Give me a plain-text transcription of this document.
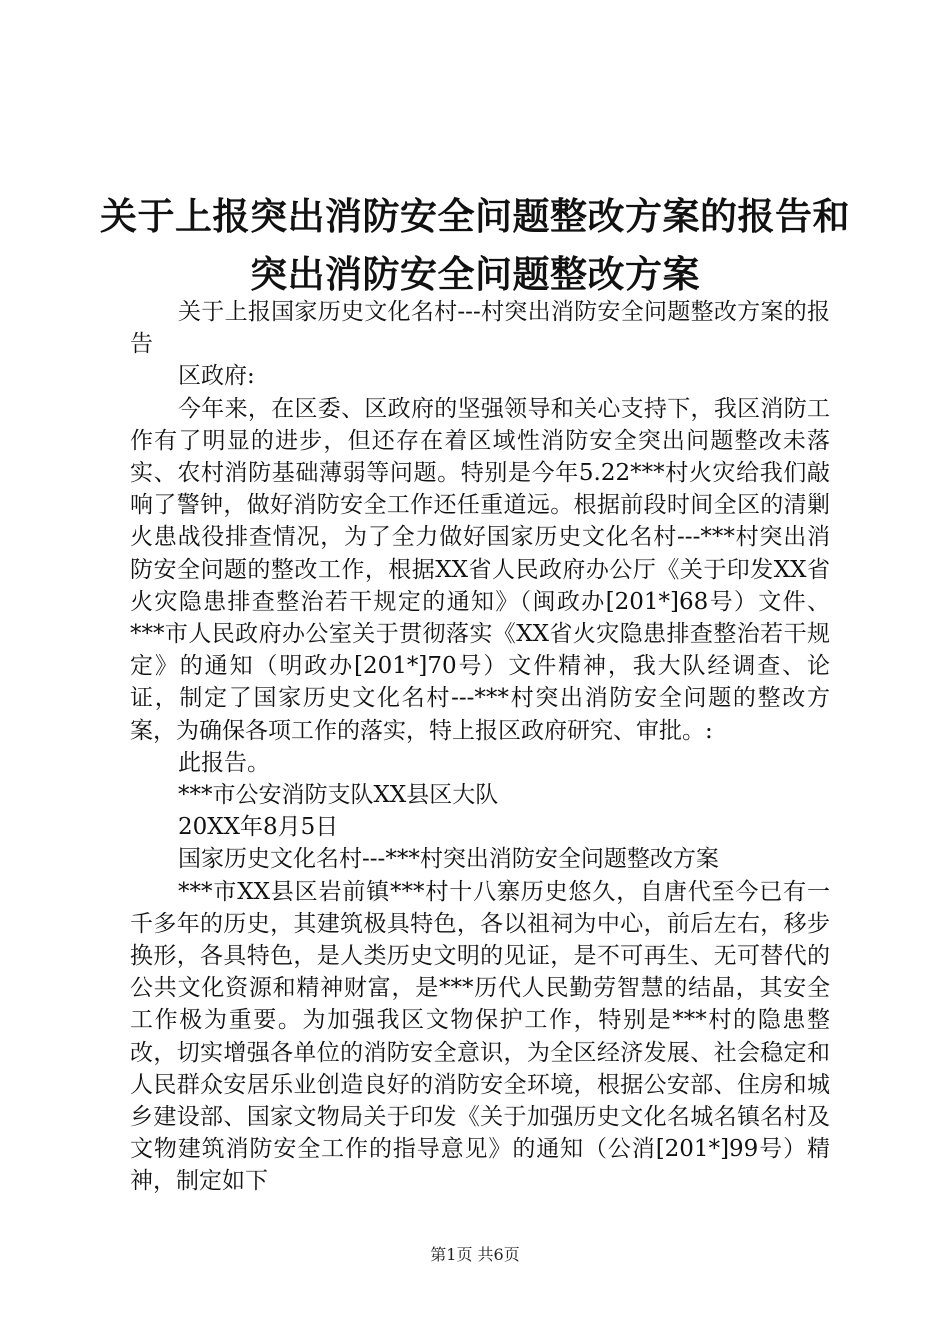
关于上报突出消防安全问题整改方案的报告和
突出消防安全问题整改方案

关于上报国家历史文化名村---村突出消防安全问题整改方案的报告

区政府:

今年来，在区委、区政府的坚强领导和关心支持下，我区消防工作有了明显的进步，但还存在着区域性消防安全突出问题整改未落实、农村消防基础薄弱等问题。特别是今年5.22***村火灾给我们敲响了警钟，做好消防安全工作还任重道远。根据前段时间全区的清剿火患战役排查情况，为了全力做好国家历史文化名村---***村突出消防安全问题的整改工作，根据XX省人民政府办公厅《关于印发XX省火灾隐患排查整治若干规定的通知》（闽政办[201*]68号）文件、***市人民政府办公室关于贯彻落实《XX省火灾隐患排查整治若干规定》的通知（明政办[201*]70号）文件精神，我大队经调查、论证，制定了国家历史文化名村---***村突出消防安全问题的整改方案，为确保各项工作的落实，特上报区政府研究、审批。:

此报告。

***市公安消防支队XX县区大队

20XX年8月5日

国家历史文化名村---***村突出消防安全问题整改方案

***市XX县区岩前镇***村十八寨历史悠久，自唐代至今已有一千多年的历史，其建筑极具特色，各以祖祠为中心，前后左右，移步换形，各具特色，是人类历史文明的见证，是不可再生、无可替代的公共文化资源和精神财富，是***历代人民勤劳智慧的结晶，其安全工作极为重要。为加强我区文物保护工作，特别是***村的隐患整改，切实增强各单位的消防安全意识，为全区经济发展、社会稳定和人民群众安居乐业创造良好的消防安全环境，根据公安部、住房和城乡建设部、国家文物局关于印发《关于加强历史文化名城名镇名村及文物建筑消防安全工作的指导意见》的通知（公消[201*]99号）精神，制定如下

第1页 共6页
